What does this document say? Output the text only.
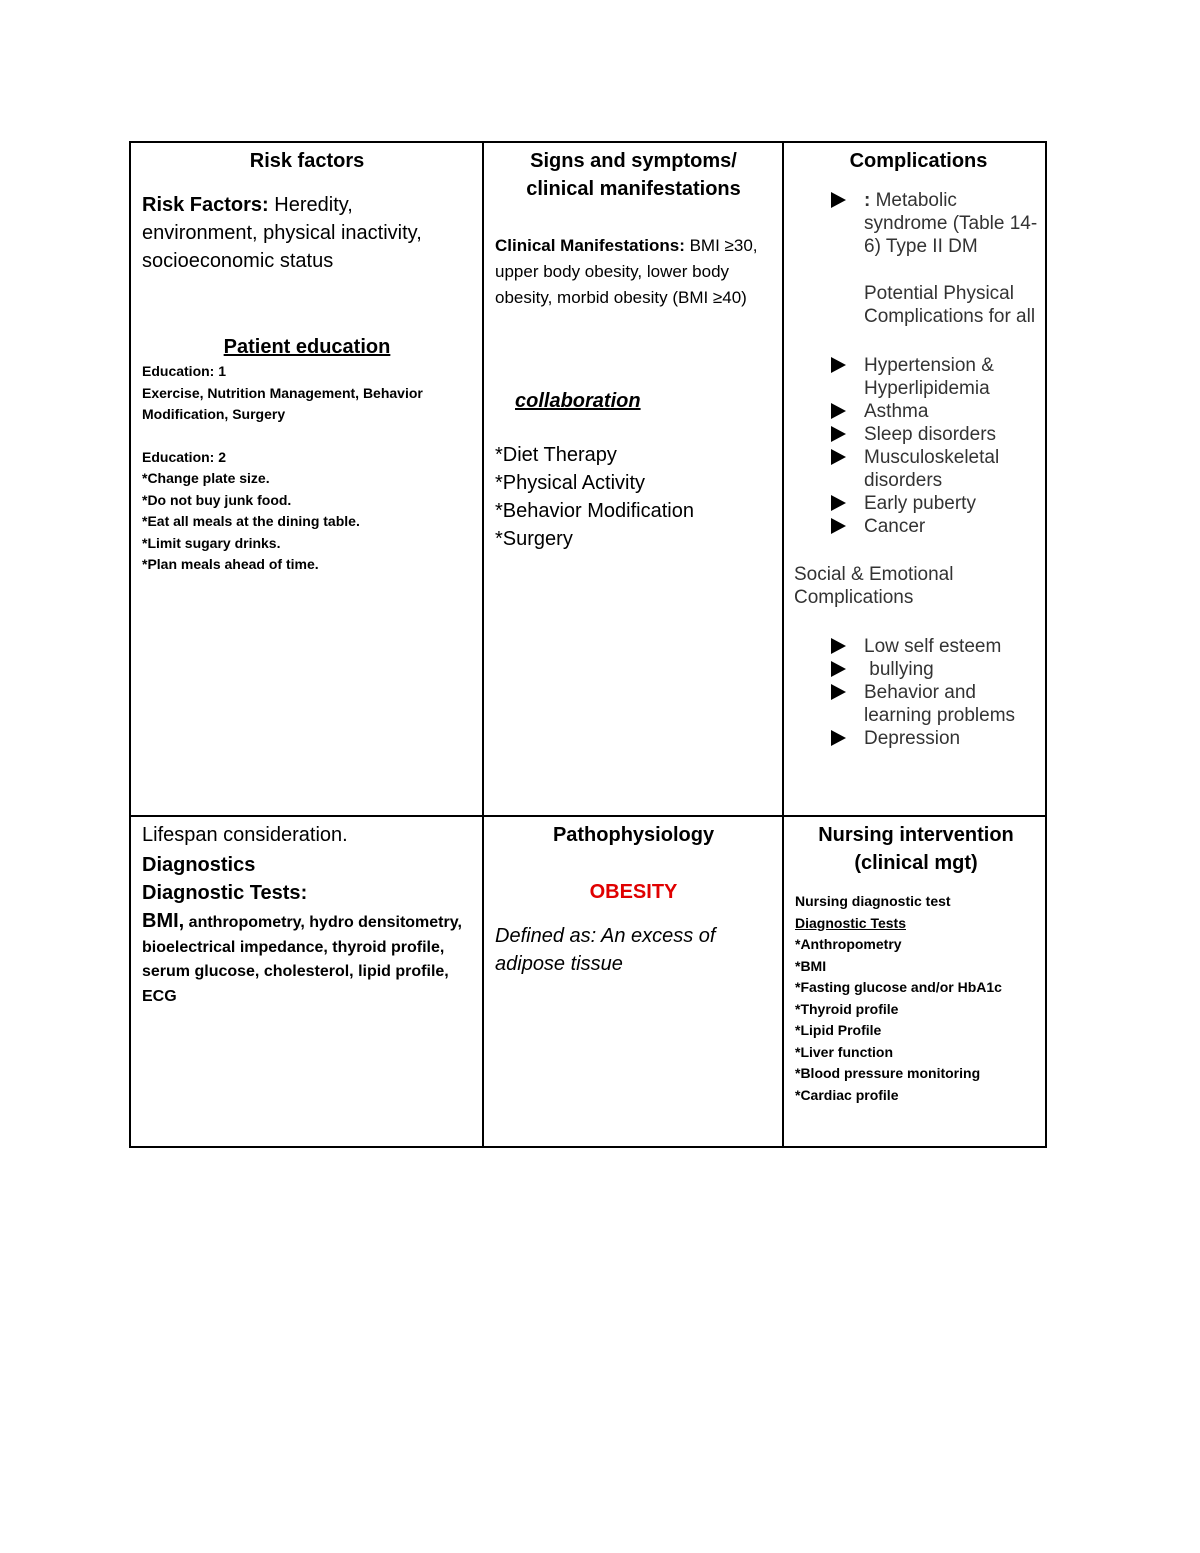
Risk factors

Risk Factors: Heredity, environment, physical inactivity, socioeconomic status

Patient education

Education: 1
Exercise, Nutrition Management, Behavior Modification, Surgery
Education: 2
*Change plate size.
*Do not buy junk food.
*Eat all meals at the dining table.
*Limit sugary drinks.
*Plan meals ahead of time.

Signs and symptoms/

clinical manifestations

Clinical Manifestations: BMI ≥30, upper body obesity, lower body obesity, morbid obesity (BMI ≥40)
collaboration
*Diet Therapy
*Physical Activity
*Behavior Modification
*Surgery

Complications

: Metabolic syndrome (Table 14-6) Type II DM
Potential Physical Complications for all
Hypertension & Hyperlipidemia
Asthma
Sleep disorders
Musculoskeletal disorders
Early puberty
Cancer
Social & Emotional Complications
Low self esteem
bullying
Behavior and learning problems
Depression
Lifespan consideration.
Diagnostics
Diagnostic Tests:
BMI, anthropometry, hydro densitometry, bioelectrical impedance, thyroid profile, serum glucose, cholesterol, lipid profile, ECG

Pathophysiology

OBESITY

Defined as: An excess of adipose tissue

Nursing intervention

(clinical mgt)

Nursing diagnostic test
Diagnostic Tests
*Anthropometry
*BMI
*Fasting glucose and/or HbA1c
*Thyroid profile
*Lipid Profile
*Liver function
*Blood pressure monitoring
*Cardiac profile
